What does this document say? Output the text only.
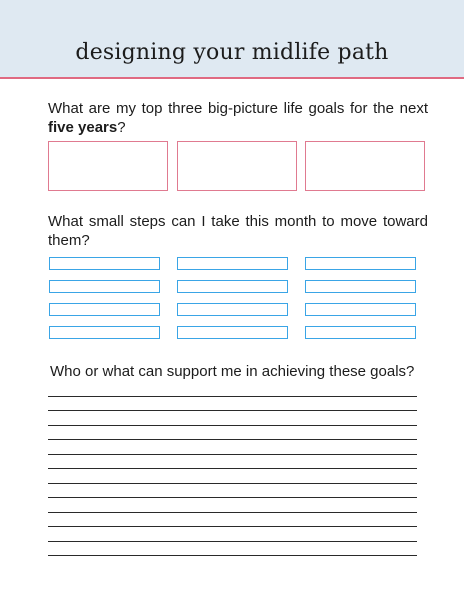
designing your midlife path
What are my top three big-picture life goals for the next five years?
What small steps can I take this month to move toward them?
Who or what can support me in achieving these goals?
